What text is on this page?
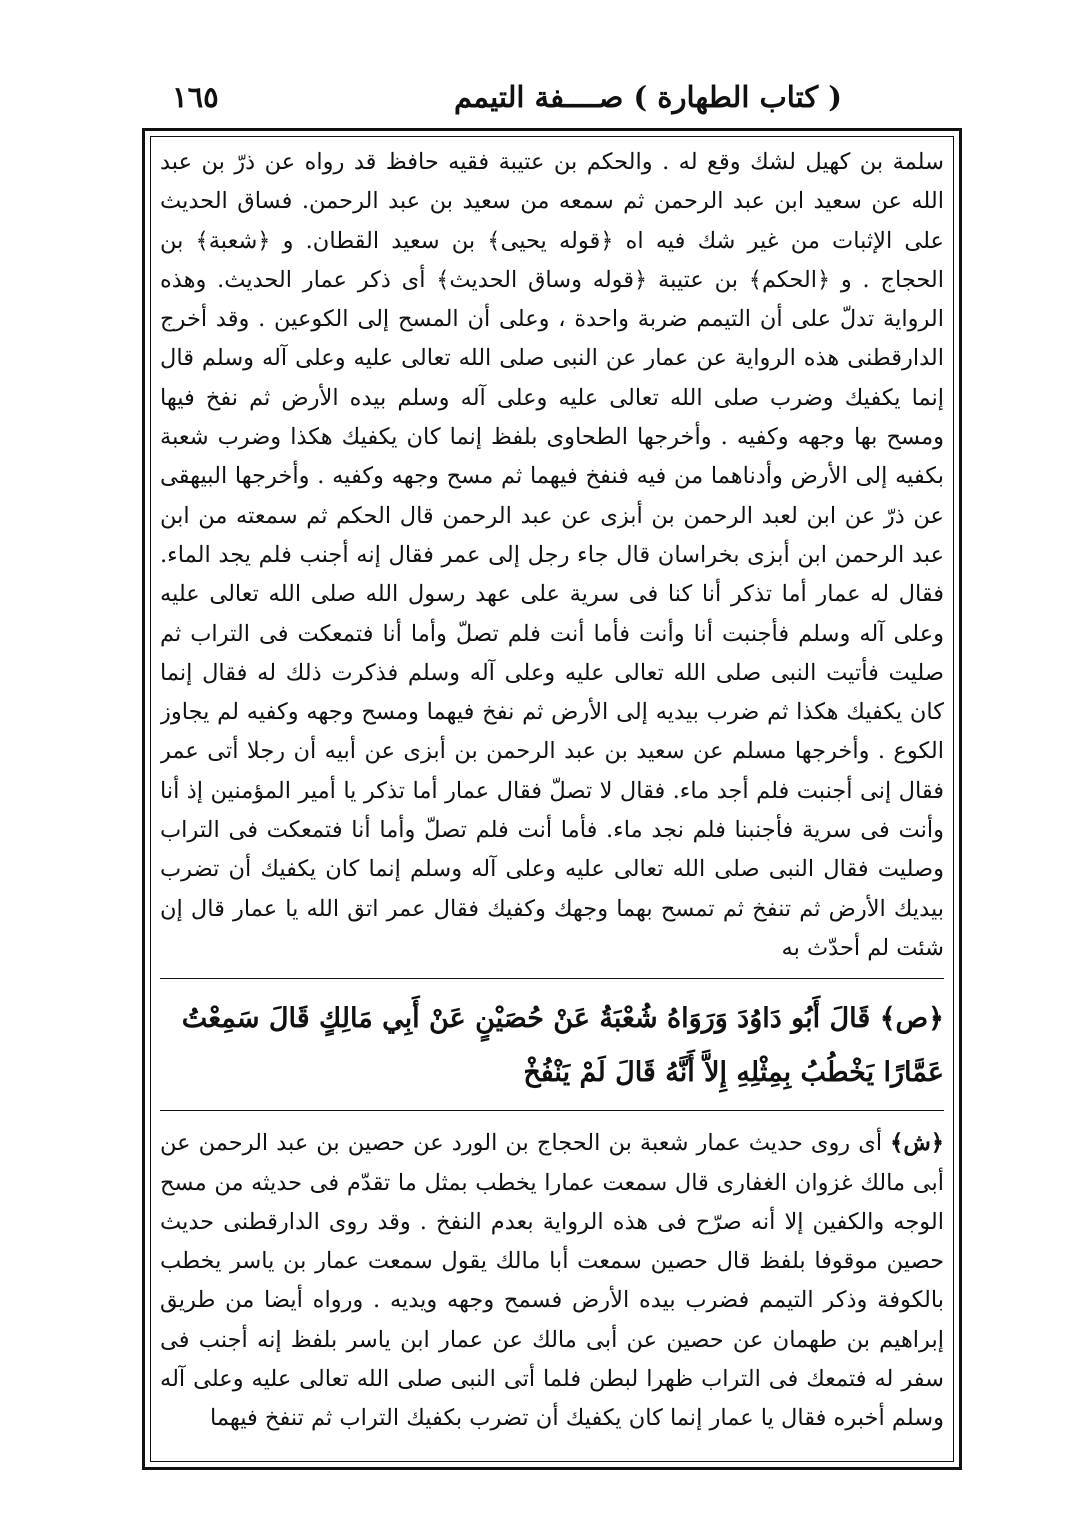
( كتاب الطهارة ) صــــفة التيمم
١٦٥

سلمة بن كهيل لشك وقع له . والحكم بن عتيبة فقيه حافظ قد رواه عن ذرّ بن عبد الله عن سعيد ابن عبد الرحمن ثم سمعه من سعيد بن عبد الرحمن. فساق الحديث على الإثبات من غير شك فيه اه ﴿قوله يحيى﴾ بن سعيد القطان. و ﴿شعبة﴾ بن الحجاج . و ﴿الحكم﴾ بن عتيبة ﴿قوله وساق الحديث﴾ أى ذكر عمار الحديث. وهذه الرواية تدلّ على أن التيمم ضربة واحدة ، وعلى أن المسح إلى الكوعين . وقد أخرج الدارقطنى هذه الرواية عن عمار عن النبى صلى الله تعالى عليه وعلى آله وسلم قال إنما يكفيك وضرب صلى الله تعالى عليه وعلى آله وسلم بيده الأرض ثم نفخ فيها ومسح بها وجهه وكفيه . وأخرجها الطحاوى بلفظ إنما كان يكفيك هكذا وضرب شعبة بكفيه إلى الأرض وأدناهما من فيه فنفخ فيهما ثم مسح وجهه وكفيه . وأخرجها البيهقى عن ذرّ عن ابن لعبد الرحمن بن أبزى عن عبد الرحمن قال الحكم ثم سمعته من ابن عبد الرحمن ابن أبزى بخراسان قال جاء رجل إلى عمر فقال إنه أجنب فلم يجد الماء. فقال له عمار أما تذكر أنا كنا فى سرية على عهد رسول الله صلى الله تعالى عليه وعلى آله وسلم فأجنبت أنا وأنت فأما أنت فلم تصلّ وأما أنا فتمعكت فى التراب ثم صليت فأتيت النبى صلى الله تعالى عليه وعلى آله وسلم فذكرت ذلك له فقال إنما كان يكفيك هكذا ثم ضرب بيديه إلى الأرض ثم نفخ فيهما ومسح وجهه وكفيه لم يجاوز الكوع . وأخرجها مسلم عن سعيد بن عبد الرحمن بن أبزى عن أبيه أن رجلا أتى عمر فقال إنى أجنبت فلم أجد ماء. فقال لا تصلّ فقال عمار أما تذكر يا أمير المؤمنين إذ أنا وأنت فى سرية فأجنبنا فلم نجد ماء. فأما أنت فلم تصلّ وأما أنا فتمعكت فى التراب وصليت فقال النبى صلى الله تعالى عليه وعلى آله وسلم إنما كان يكفيك أن تضرب بيديك الأرض ثم تنفخ ثم تمسح بهما وجهك وكفيك فقال عمر اتق الله يا عمار قال إن شئت لم أحدّث به

﴿ص﴾ قَالَ أَبُو دَاوُدَ وَرَوَاهُ شُعْبَةُ عَنْ حُصَيْنٍ عَنْ أَبِي مَالِكٍ قَالَ سَمِعْتُ عَمَّارًا يَخْطُبُ بِمِثْلِهِ إِلاَّ أَنَّهُ قَالَ لَمْ يَنْفُخْ

﴿ش﴾ أى روى حديث عمار شعبة بن الحجاج بن الورد عن حصين بن عبد الرحمن عن أبى مالك غزوان الغفارى قال سمعت عمارا يخطب بمثل ما تقدّم فى حديثه من مسح الوجه والكفين إلا أنه صرّح فى هذه الرواية بعدم النفخ . وقد روى الدارقطنى حديث حصين موقوفا بلفظ قال حصين سمعت أبا مالك يقول سمعت عمار بن ياسر يخطب بالكوفة وذكر التيمم فضرب بيده الأرض فسمح وجهه ويديه . ورواه أيضا من طريق إبراهيم بن طهمان عن حصين عن أبى مالك عن عمار ابن ياسر بلفظ إنه أجنب فى سفر له فتمعك فى التراب ظهرا لبطن فلما أتى النبى صلى الله تعالى عليه وعلى آله وسلم أخبره فقال يا عمار إنما كان يكفيك أن تضرب بكفيك التراب ثم تنفخ فيهما
